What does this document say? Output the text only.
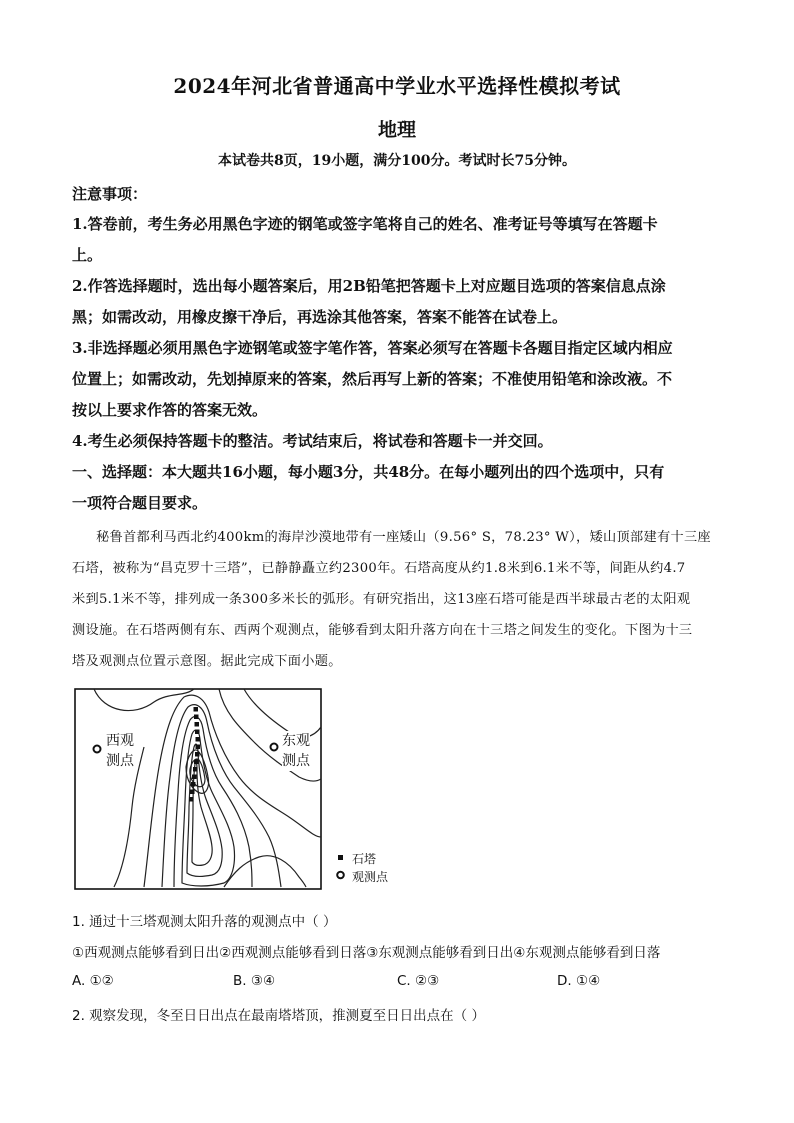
2024年河北省普通高中学业水平选择性模拟考试
地理
本试卷共8页，19小题，满分100分。考试时长75分钟。
注意事项：
1.答卷前，考生务必用黑色字迹的钢笔或签字笔将自己的姓名、准考证号等填写在答题卡
上。
2.作答选择题时，选出每小题答案后，用2B铅笔把答题卡上对应题目选项的答案信息点涂
黑；如需改动，用橡皮擦干净后，再选涂其他答案，答案不能答在试卷上。
3.非选择题必须用黑色字迹钢笔或签字笔作答，答案必须写在答题卡各题目指定区域内相应
位置上；如需改动，先划掉原来的答案，然后再写上新的答案；不准使用铅笔和涂改液。不
按以上要求作答的答案无效。
4.考生必须保持答题卡的整洁。考试结束后，将试卷和答题卡一并交回。
一、选择题：本大题共16小题，每小题3分，共48分。在每小题列出的四个选项中，只有
一项符合题目要求。
秘鲁首都利马西北约400km的海岸沙漠地带有一座矮山（9.56° S，78.23° W），矮山顶部建有十三座
石塔，被称为“昌克罗十三塔”，已静静矗立约2300年。石塔高度从约1.8米到6.1米不等，间距从约4.7
米到5.1米不等，排列成一条300多米长的弧形。有研究指出，这13座石塔可能是西半球最古老的太阳观
测设施。在石塔两侧有东、西两个观测点，能够看到太阳升落方向在十三塔之间发生的变化。下图为十三
塔及观测点位置示意图。据此完成下面小题。
西观
测点
东观
测点
石塔
观测点
1. 通过十三塔观测太阳升落的观测点中（ ）
①西观测点能够看到日出②西观测点能够看到日落③东观测点能够看到日出④东观测点能够看到日落
A. ①②	B. ③④	C. ②③	D. ①④
2. 观察发现，冬至日日出点在最南塔塔顶，推测夏至日日出点在（ ）
